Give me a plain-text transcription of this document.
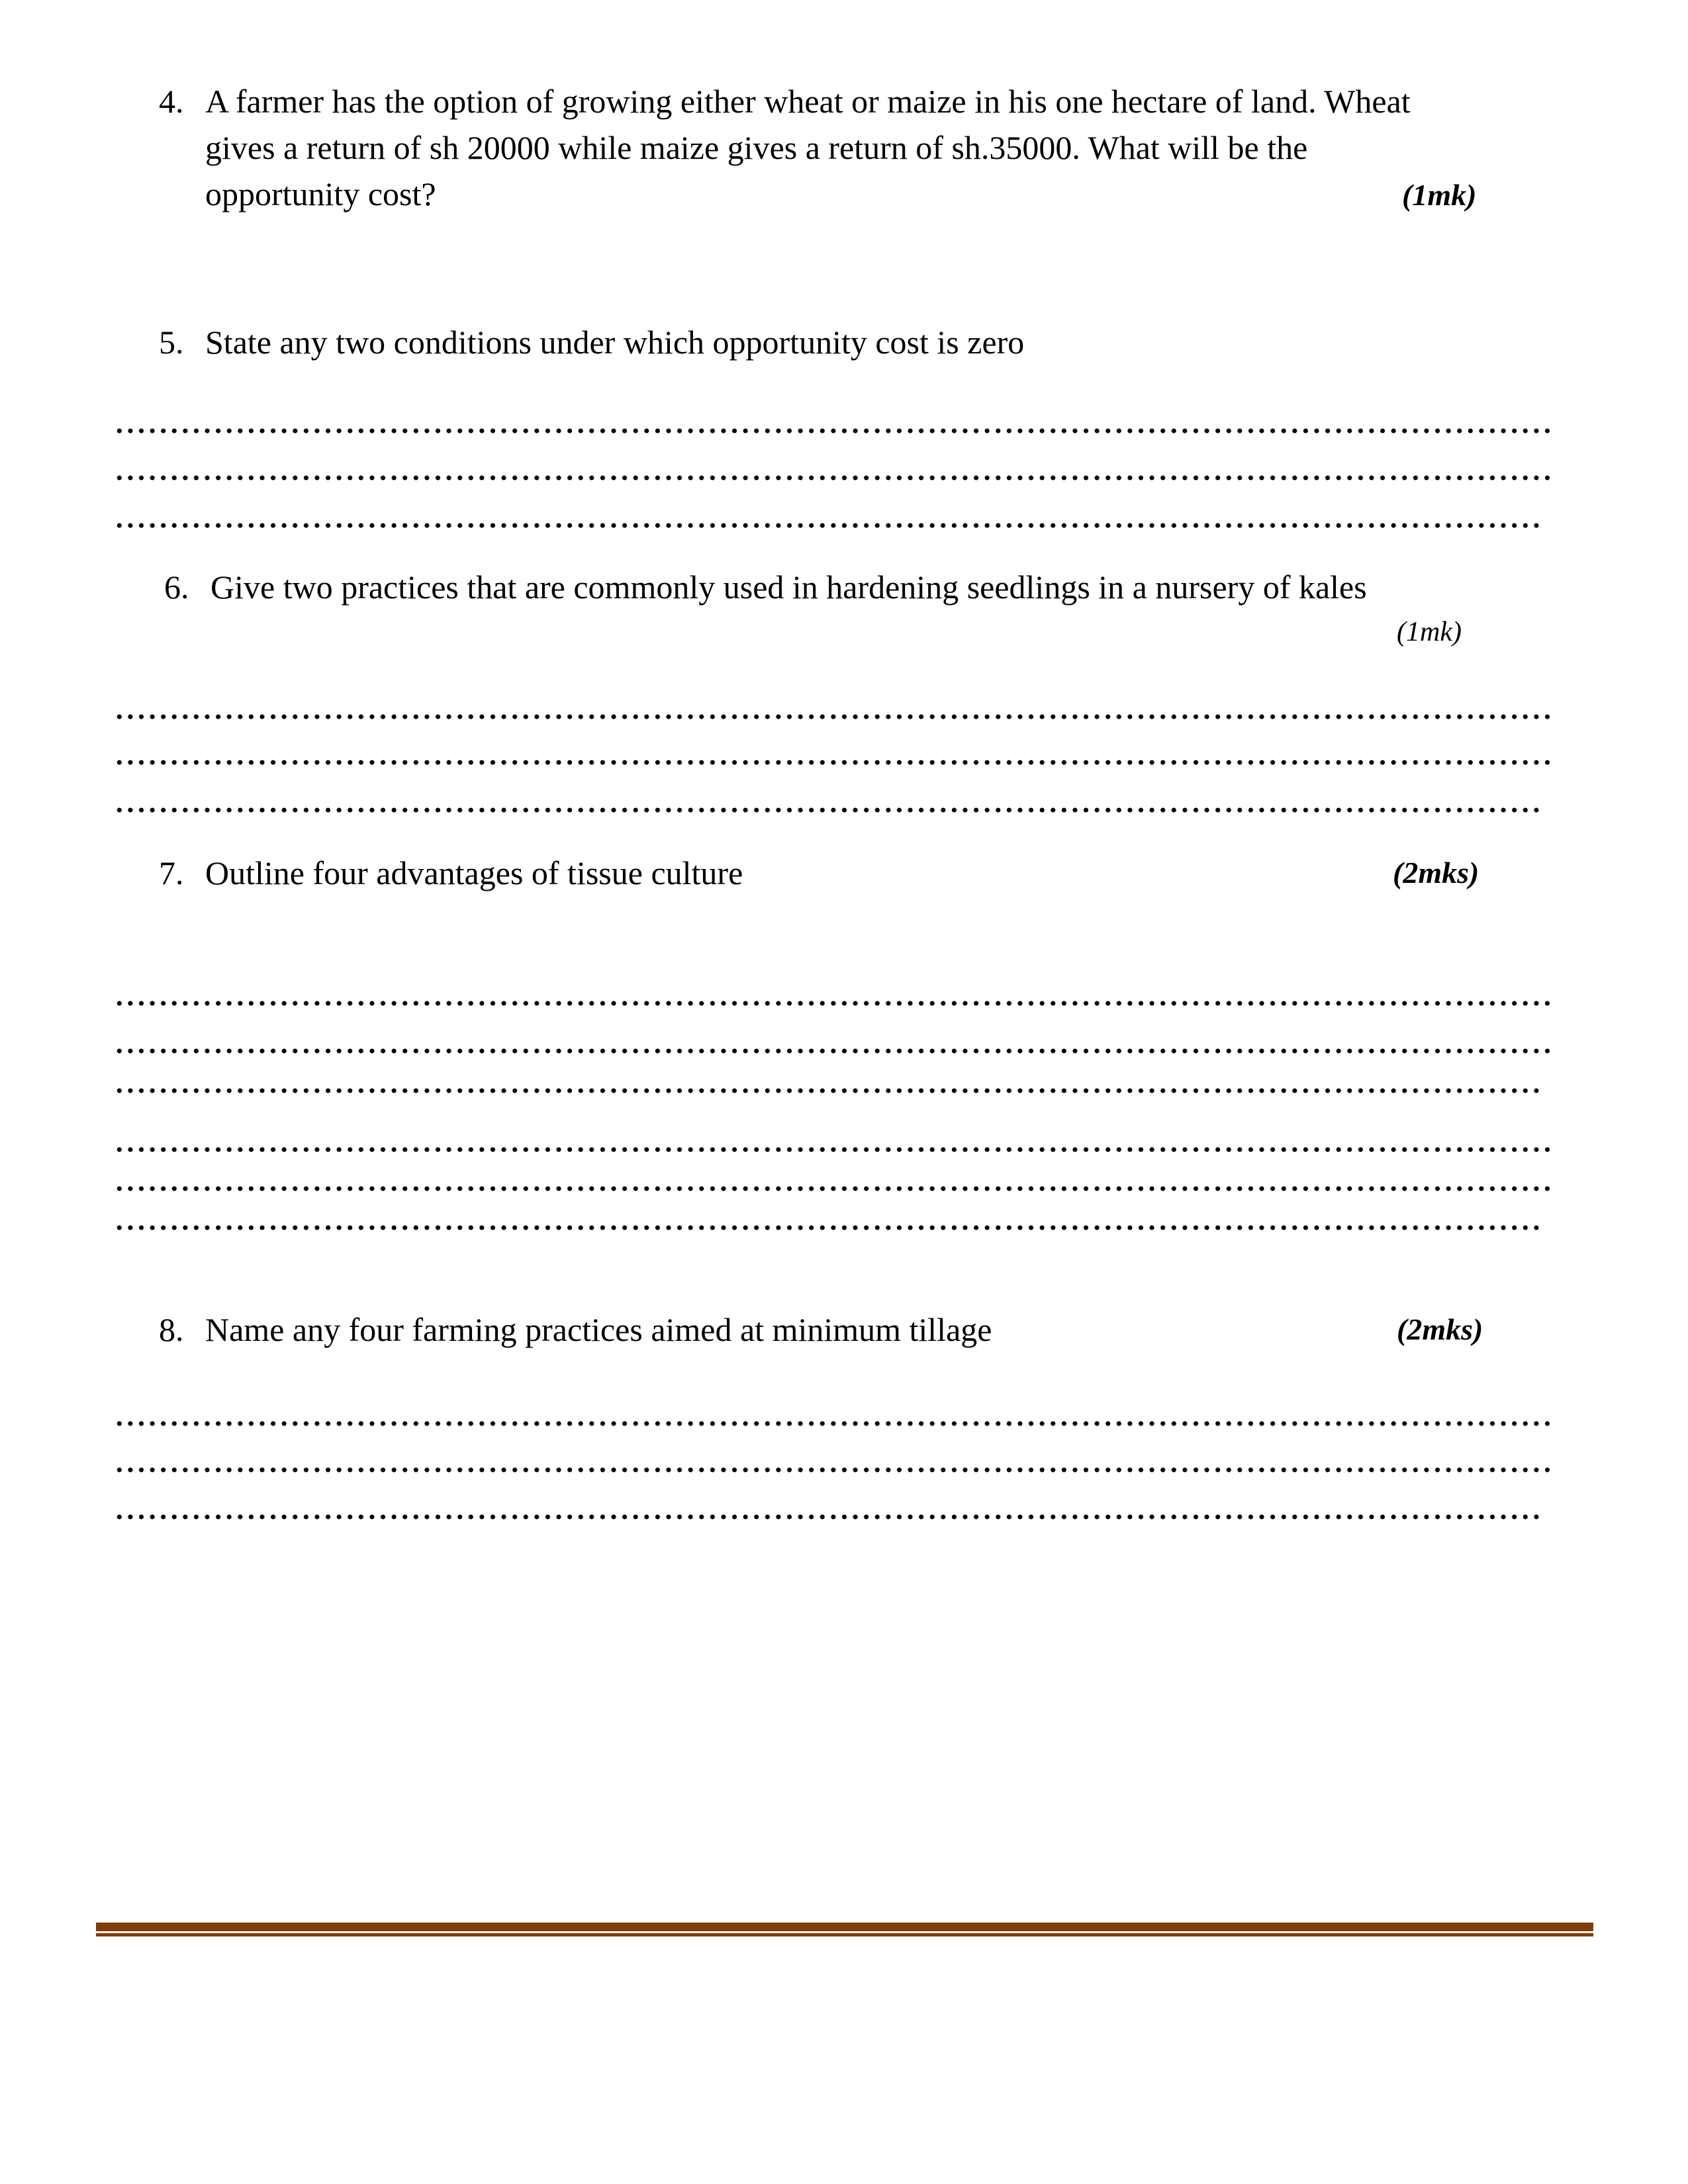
4. A farmer has the option of growing either wheat or maize in his one hectare of land. Wheat
gives a return of sh 20000 while maize gives a return of sh.35000. What will be the
opportunity cost?	(1mk)
5. State any two conditions under which opportunity cost is zero
6. Give two practices that are commonly used in hardening seedlings in a nursery of kales
(1mk)
7. Outline four advantages of tissue culture	(2mks)
8. Name any four farming practices aimed at minimum tillage	(2mks)
